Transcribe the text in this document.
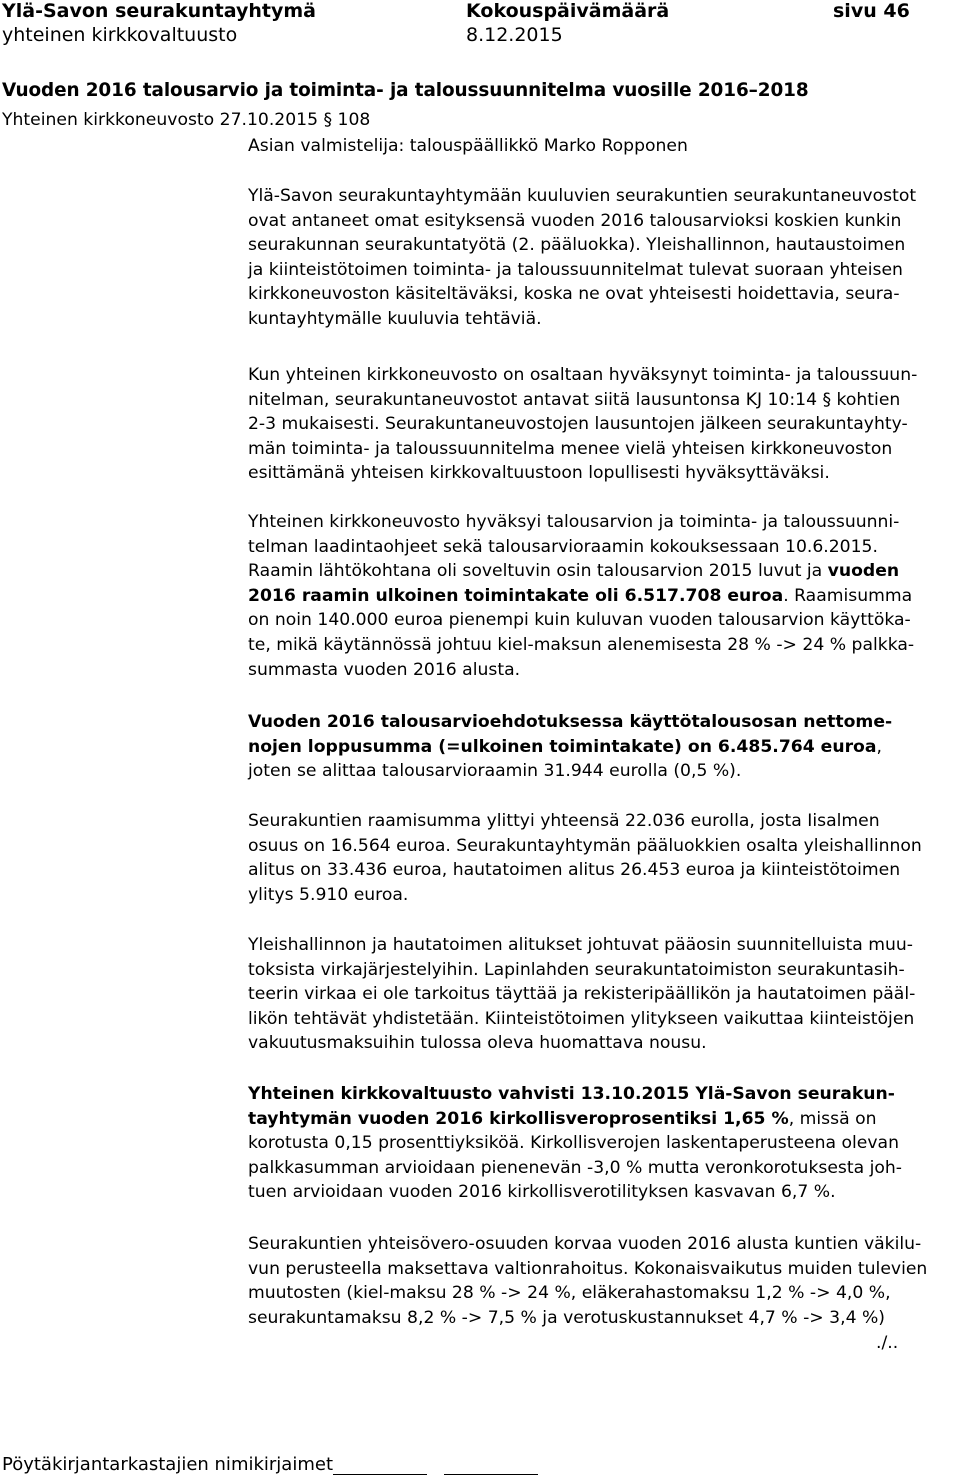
Ylä-Savon seurakuntayhtymä
yhteinen kirkkovaltuusto
Kokouspäivämäärä
8.12.2015
sivu 46
Vuoden 2016 talousarvio ja toiminta- ja taloussuunnitelma vuosille 2016–2018
Yhteinen kirkkoneuvosto 27.10.2015 § 108
Asian valmistelija: talouspäällikkö Marko Ropponen
./..
Pöytäkirjantarkastajien nimikirjaimet
Ylä-Savon seurakuntayhtymään kuuluvien seurakuntien seurakuntaneuvostot
ovat antaneet omat esityksensä vuoden 2016 talousarvioksi koskien kunkin
seurakunnan seurakuntatyötä (2. pääluokka). Yleishallinnon, hautaustoimen
ja kiinteistötoimen toiminta- ja taloussuunnitelmat tulevat suoraan yhteisen
kirkkoneuvoston käsiteltäväksi, koska ne ovat yhteisesti hoidettavia, seura-
kuntayhtymälle kuuluvia tehtäviä.
Kun yhteinen kirkkoneuvosto on osaltaan hyväksynyt toiminta- ja taloussuun-
nitelman, seurakuntaneuvostot antavat siitä lausuntonsa KJ 10:14 § kohtien
2-3 mukaisesti. Seurakuntaneuvostojen lausuntojen jälkeen seurakuntayhty-
män toiminta- ja taloussuunnitelma menee vielä yhteisen kirkkoneuvoston
esittämänä yhteisen kirkkovaltuustoon lopullisesti hyväksyttäväksi.
Yhteinen kirkkoneuvosto hyväksyi talousarvion ja toiminta- ja taloussuunni-
telman laadintaohjeet sekä talousarvioraamin kokouksessaan 10.6.2015.
Raamin lähtökohtana oli soveltuvin osin talousarvion 2015 luvut ja vuoden
2016 raamin ulkoinen toimintakate oli 6.517.708 euroa. Raamisumma
on noin 140.000 euroa pienempi kuin kuluvan vuoden talousarvion käyttöka-
te, mikä käytännössä johtuu kiel-maksun alenemisesta 28 % -> 24 % palkka-
summasta vuoden 2016 alusta.
Vuoden 2016 talousarvioehdotuksessa käyttötalousosan nettome-
nojen loppusumma (=ulkoinen toimintakate) on 6.485.764 euroa,
joten se alittaa talousarvioraamin 31.944 eurolla (0,5 %).
Seurakuntien raamisumma ylittyi yhteensä 22.036 eurolla, josta Iisalmen
osuus on 16.564 euroa. Seurakuntayhtymän pääluokkien osalta yleishallinnon
alitus on 33.436 euroa, hautatoimen alitus 26.453 euroa ja kiinteistötoimen
ylitys 5.910 euroa.
Yleishallinnon ja hautatoimen alitukset johtuvat pääosin suunnitelluista muu-
toksista virkajärjestelyihin. Lapinlahden seurakuntatoimiston seurakuntasih-
teerin virkaa ei ole tarkoitus täyttää ja rekisteripäällikön ja hautatoimen pääl-
likön tehtävät yhdistetään. Kiinteistötoimen ylitykseen vaikuttaa kiinteistöjen
vakuutusmaksuihin tulossa oleva huomattava nousu.
Yhteinen kirkkovaltuusto vahvisti 13.10.2015 Ylä-Savon seurakun-
tayhtymän vuoden 2016 kirkollisveroprosentiksi 1,65 %, missä on
korotusta 0,15 prosenttiyksiköä. Kirkollisverojen laskentaperusteena olevan
palkkasumman arvioidaan pienenevän -3,0 % mutta veronkorotuksesta joh-
tuen arvioidaan vuoden 2016 kirkollisverotilityksen kasvavan 6,7 %.
Seurakuntien yhteisövero-osuuden korvaa vuoden 2016 alusta kuntien väkilu-
vun perusteella maksettava valtionrahoitus. Kokonaisvaikutus muiden tulevien
muutosten (kiel-maksu 28 % -> 24 %, eläkerahastomaksu 1,2 % -> 4,0 %,
seurakuntamaksu 8,2 % -> 7,5 % ja verotuskustannukset 4,7 % -> 3,4 %)
